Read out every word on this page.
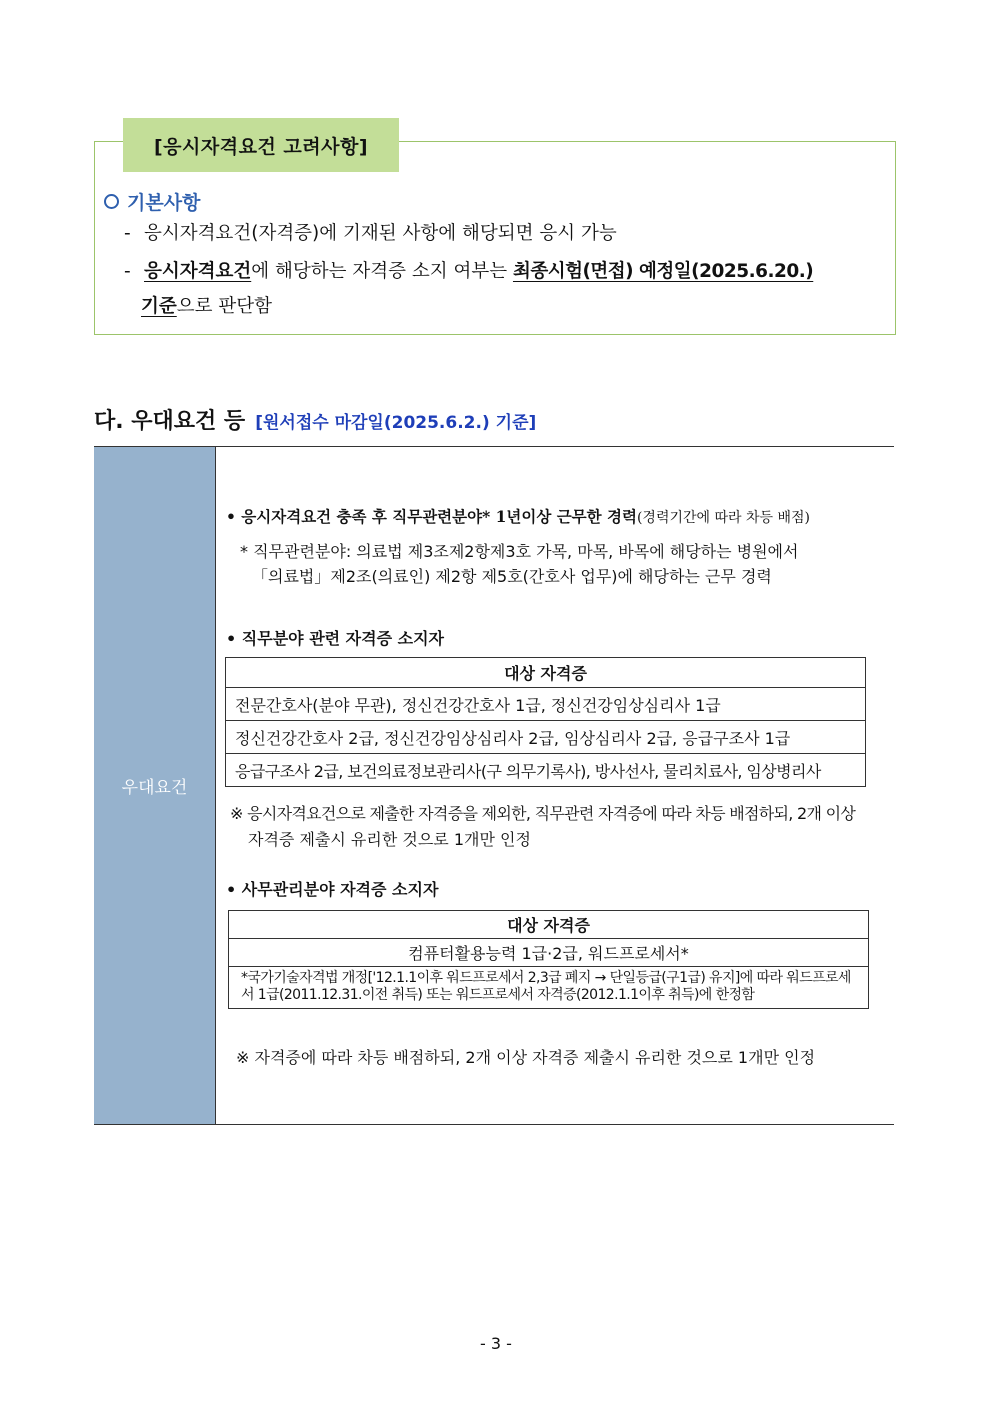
[응시자격요건 고려사항]
기본사항
- 응시자격요건(자격증)에 기재된 사항에 해당되면 응시 가능
- 응시자격요건에 해당하는 자격증 소지 여부는 최종시험(면접) 예정일(2025.6.20.)
기준으로 판단함
다. 우대요건 등 [원서접수 마감일(2025.6.2.) 기준]
우대요건
• 응시자격요건 충족 후 직무관련분야* 1년이상 근무한 경력(경력기간에 따라 차등 배점)
* 직무관련분야: 의료법 제3조제2항제3호 가목, 마목, 바목에 해당하는 병원에서
「의료법」제2조(의료인) 제2항 제5호(간호사 업무)에 해당하는 근무 경력
• 직무분야 관련 자격증 소지자
대상 자격증
전문간호사(분야 무관), 정신건강간호사 1급, 정신건강임상심리사 1급
정신건강간호사 2급, 정신건강임상심리사 2급, 임상심리사 2급, 응급구조사 1급
응급구조사 2급, 보건의료정보관리사(구 의무기록사), 방사선사, 물리치료사, 임상병리사
※ 응시자격요건으로 제출한 자격증을 제외한, 직무관련 자격증에 따라 차등 배점하되, 2개 이상
자격증 제출시 유리한 것으로 1개만 인정
• 사무관리분야 자격증 소지자
대상 자격증
컴퓨터활용능력 1급·2급, 워드프로세서*
*국가기술자격법 개정['12.1.1이후 워드프로세서 2,3급 폐지 → 단일등급(구1급) 유지]에 따라 워드프로세서 1급(2011.12.31.이전 취득) 또는 워드프로세서 자격증(2012.1.1이후 취득)에 한정함
※ 자격증에 따라 차등 배점하되, 2개 이상 자격증 제출시 유리한 것으로 1개만 인정
- 3 -
